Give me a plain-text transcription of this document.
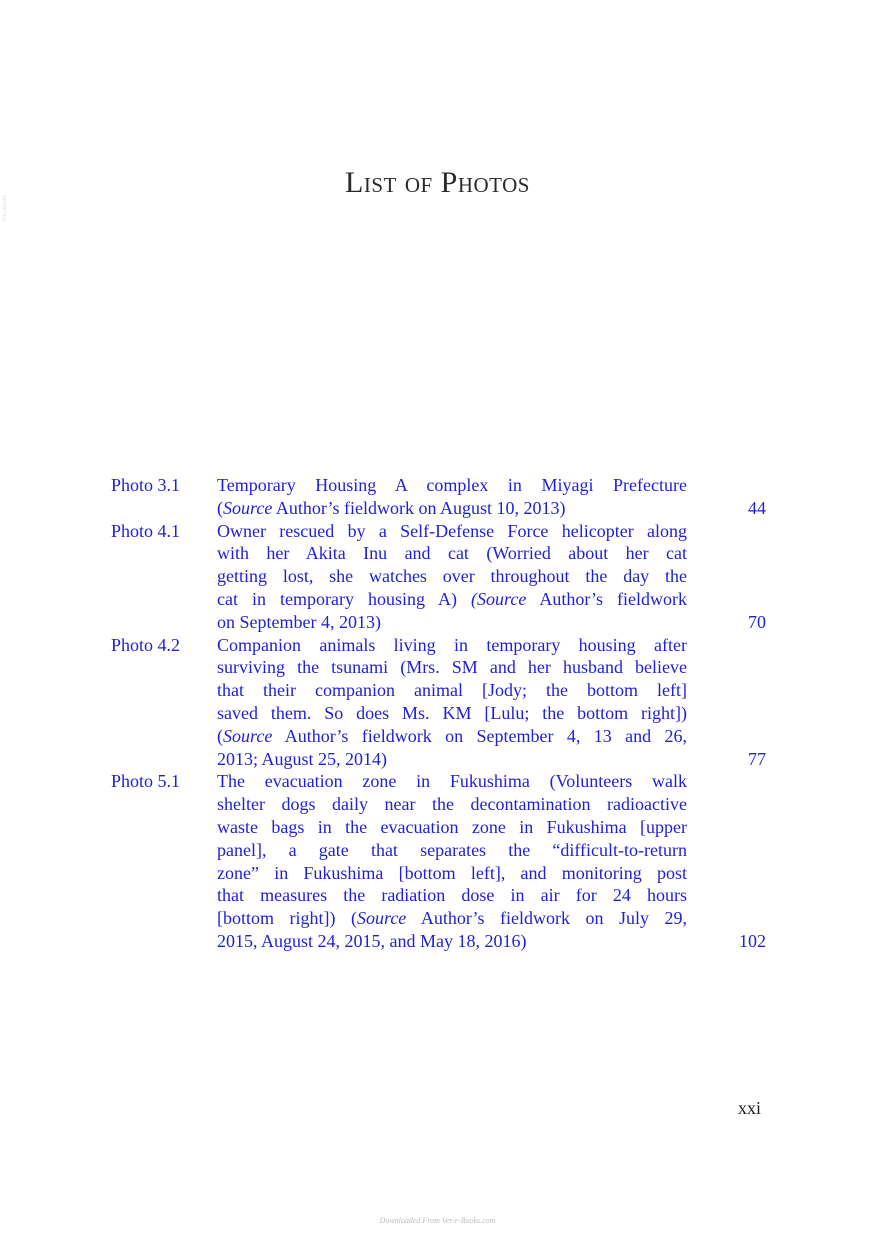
Vet-eBooks
List of Photos
Photo 3.1	Temporary Housing A complex in Miyagi Prefecture
(Source Author’s fieldwork on August 10, 2013)	44
Photo 4.1	Owner rescued by a Self-Defense Force helicopter along
with her Akita Inu and cat (Worried about her cat
getting lost, she watches over throughout the day the
cat in temporary housing A) (Source Author’s fieldwork
on September 4, 2013)	70
Photo 4.2	Companion animals living in temporary housing after
surviving the tsunami (Mrs. SM and her husband believe
that their companion animal [Jody; the bottom left]
saved them. So does Ms. KM [Lulu; the bottom right])
(Source Author’s fieldwork on September 4, 13 and 26,
2013; August 25, 2014)	77
Photo 5.1	The evacuation zone in Fukushima (Volunteers walk
shelter dogs daily near the decontamination radioactive
waste bags in the evacuation zone in Fukushima [upper
panel], a gate that separates the “difficult-to-return
zone” in Fukushima [bottom left], and monitoring post
that measures the radiation dose in air for 24 hours
[bottom right]) (Source Author’s fieldwork on July 29,
2015, August 24, 2015, and May 18, 2016)	102
xxi
Downloaded From Vet-e-Books.com
